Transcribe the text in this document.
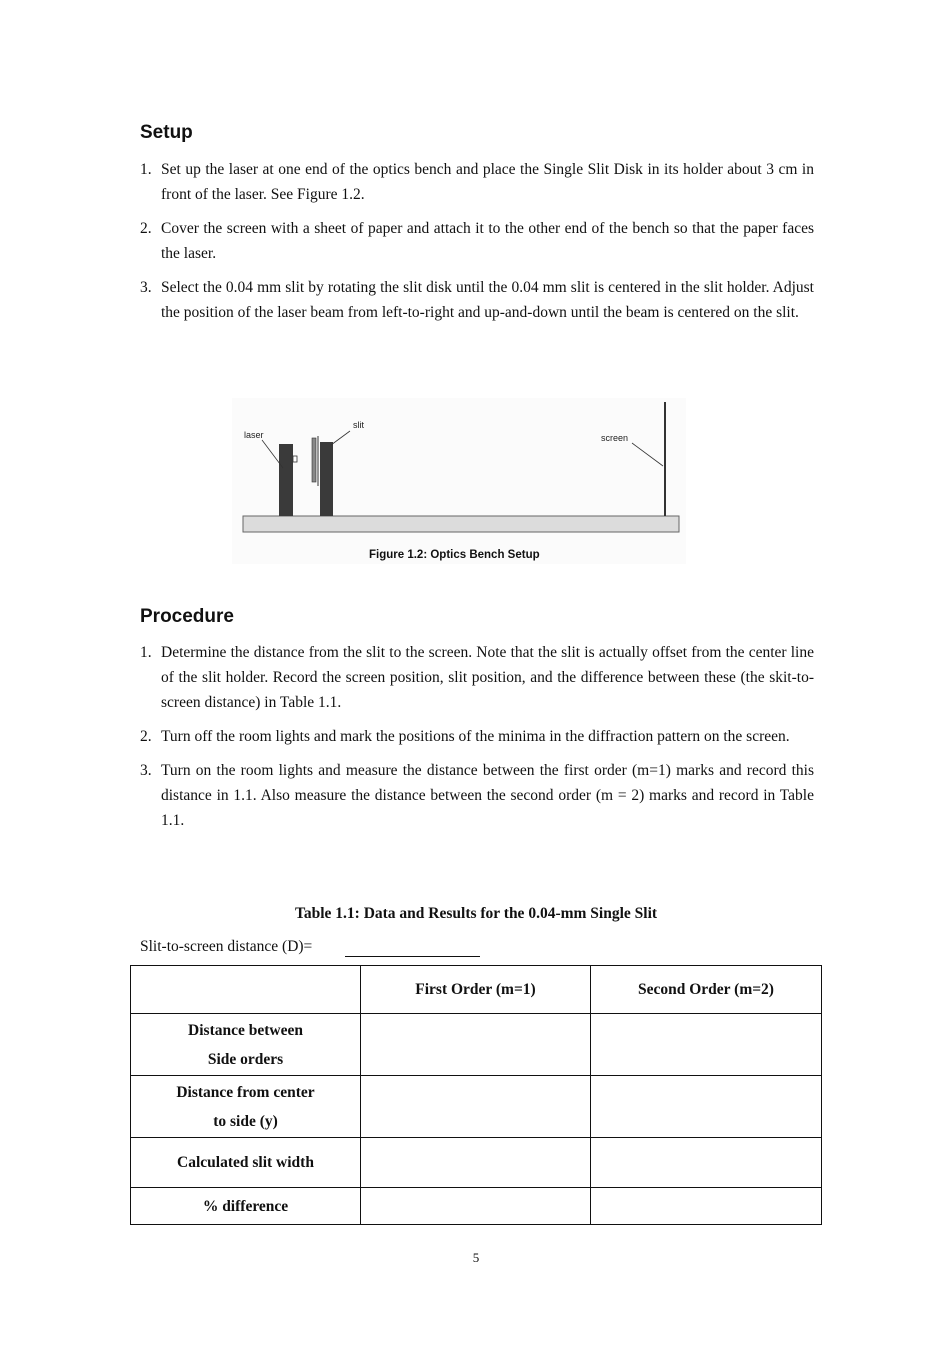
Setup
1. Set up the laser at one end of the optics bench and place the Single Slit Disk in its holder about 3 cm in front of the laser. See Figure 1.2.
2. Cover the screen with a sheet of paper and attach it to the other end of the bench so that the paper faces the laser.
3. Select the 0.04 mm slit by rotating the slit disk until the 0.04 mm slit is centered in the slit holder. Adjust the position of the laser beam from left-to-right and up-and-down until the beam is centered on the slit.
laser
slit
screen
Figure 1.2: Optics Bench Setup
Procedure
1. Determine the distance from the slit to the screen. Note that the slit is actually offset from the center line of the slit holder. Record the screen position, slit position, and the difference between these (the skit-to-screen distance) in Table 1.1.
2. Turn off the room lights and mark the positions of the minima in the diffraction pattern on the screen.
3. Turn on the room lights and measure the distance between the first order (m=1) marks and record this distance in 1.1. Also measure the distance between the second order (m = 2) marks and record in Table 1.1.
Table 1.1: Data and Results for the 0.04-mm Single Slit
Slit-to-screen distance (D)=
	First Order (m=1)	Second Order (m=2)

Distance between
Side orders		

Distance from center
to side (y)		

Calculated slit width		

% difference		

5
